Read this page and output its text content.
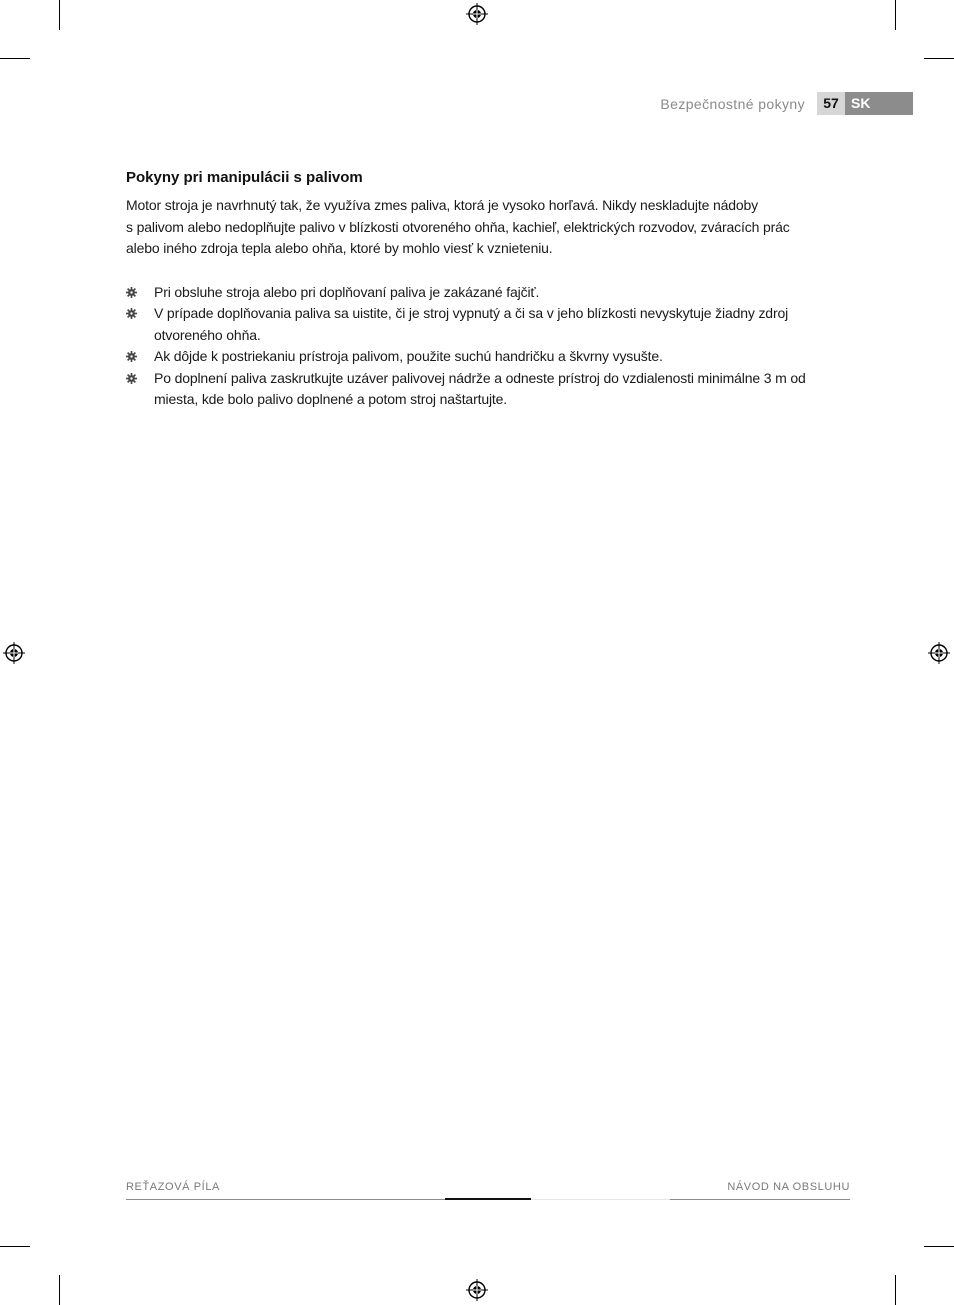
Bezpečnostné pokyny	57 SK
Pokyny pri manipulácii s palivom

Motor stroja je navrhnutý tak, že využíva zmes paliva, ktorá je vysoko horľavá. Nikdy neskladujte nádoby
s palivom alebo nedoplňujte palivo v blízkosti otvoreného ohňa, kachieľ, elektrických rozvodov, zváracích prác
alebo iného zdroja tepla alebo ohňa, ktoré by mohlo viesť k vznieteniu.

Pri obsluhe stroja alebo pri doplňovaní paliva je zakázané fajčiť.
V prípade doplňovania paliva sa uistite, či je stroj vypnutý a či sa v jeho blízkosti nevyskytuje žiadny zdroj
otvoreného ohňa.
Ak dôjde k postriekaniu prístroja palivom, použite suchú handričku a škvrny vysušte.
Po doplnení paliva zaskrutkujte uzáver palivovej nádrže a odneste prístroj do vzdialenosti minimálne 3 m od
miesta, kde bolo palivo doplnené a potom stroj naštartujte.
REŤAZOVÁ PÍLA	NÁVOD NA OBSLUHU
